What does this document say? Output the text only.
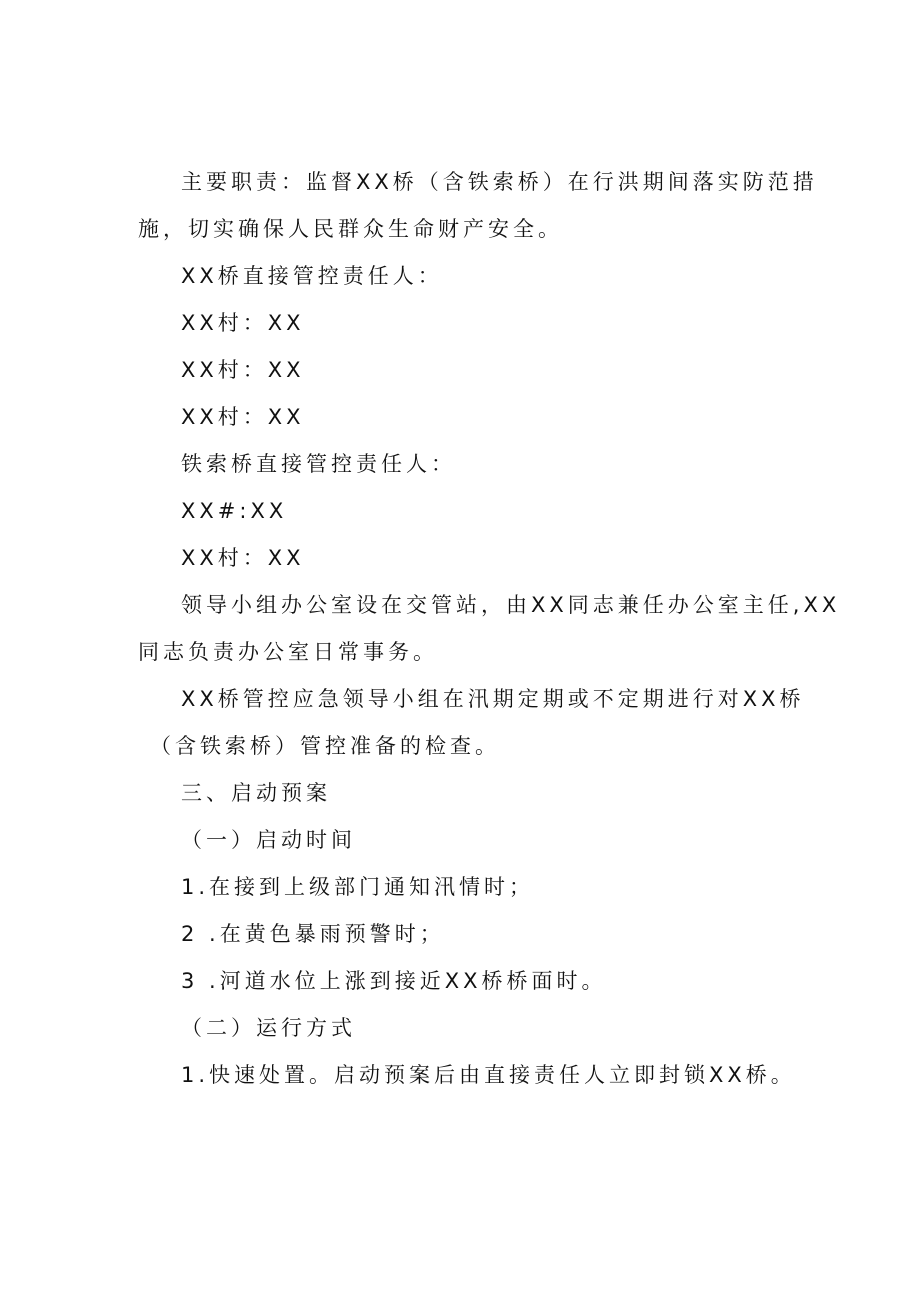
主要职责：监督XX桥（含铁索桥）在行洪期间落实防范措
施，切实确保人民群众生命财产安全。
XX桥直接管控责任人：
XX村：XX
XX村：XX
XX村：XX
铁索桥直接管控责任人：
XX#:XX
XX村：XX
领导小组办公室设在交管站，由XX同志兼任办公室主任,XX
同志负责办公室日常事务。
XX桥管控应急领导小组在汛期定期或不定期进行对XX桥
（含铁索桥）管控准备的检查。
三、启动预案
（一）启动时间
1.在接到上级部门通知汛情时；
2 .在黄色暴雨预警时；
3 .河道水位上涨到接近XX桥桥面时。
（二）运行方式
1.快速处置。启动预案后由直接责任人立即封锁XX桥。
